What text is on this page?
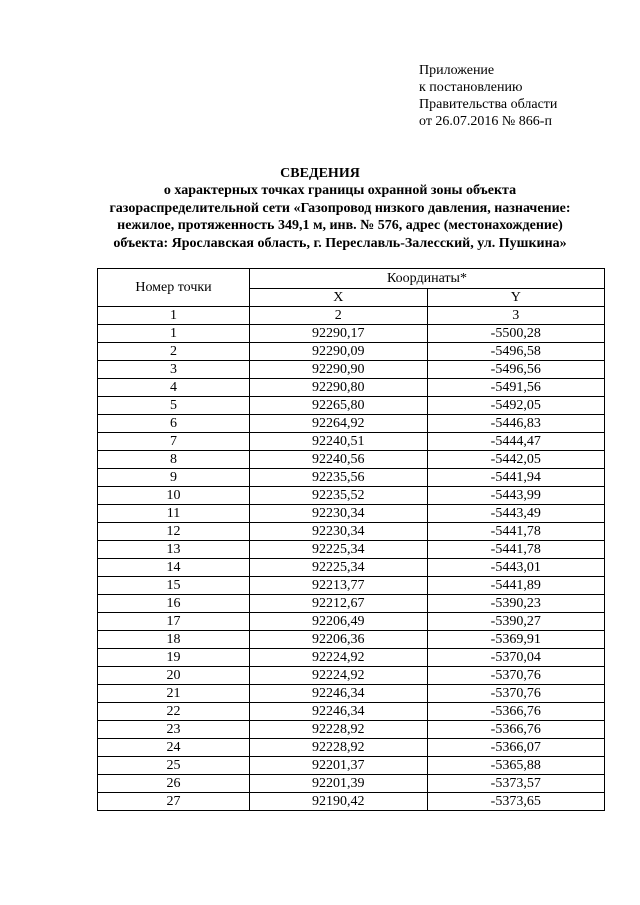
Приложение
к постановлению
Правительства области
от 26.07.2016 № 866-п
СВЕДЕНИЯ
о характерных точках границы охранной зоны объекта
газораспределительной сети «Газопровод низкого давления, назначение:
нежилое, протяженность 349,1 м, инв. № 576, адрес (местонахождение)
объекта: Ярославская область, г. Переславль-Залесский, ул. Пушкина»
Номер точки	Координаты*	
	X	Y
1	2	3
1	92290,17	-5500,28
2	92290,09	-5496,58
3	92290,90	-5496,56
4	92290,80	-5491,56
5	92265,80	-5492,05
6	92264,92	-5446,83
7	92240,51	-5444,47
8	92240,56	-5442,05
9	92235,56	-5441,94
10	92235,52	-5443,99
11	92230,34	-5443,49
12	92230,34	-5441,78
13	92225,34	-5441,78
14	92225,34	-5443,01
15	92213,77	-5441,89
16	92212,67	-5390,23
17	92206,49	-5390,27
18	92206,36	-5369,91
19	92224,92	-5370,04
20	92224,92	-5370,76
21	92246,34	-5370,76
22	92246,34	-5366,76
23	92228,92	-5366,76
24	92228,92	-5366,07
25	92201,37	-5365,88
26	92201,39	-5373,57
27	92190,42	-5373,65
